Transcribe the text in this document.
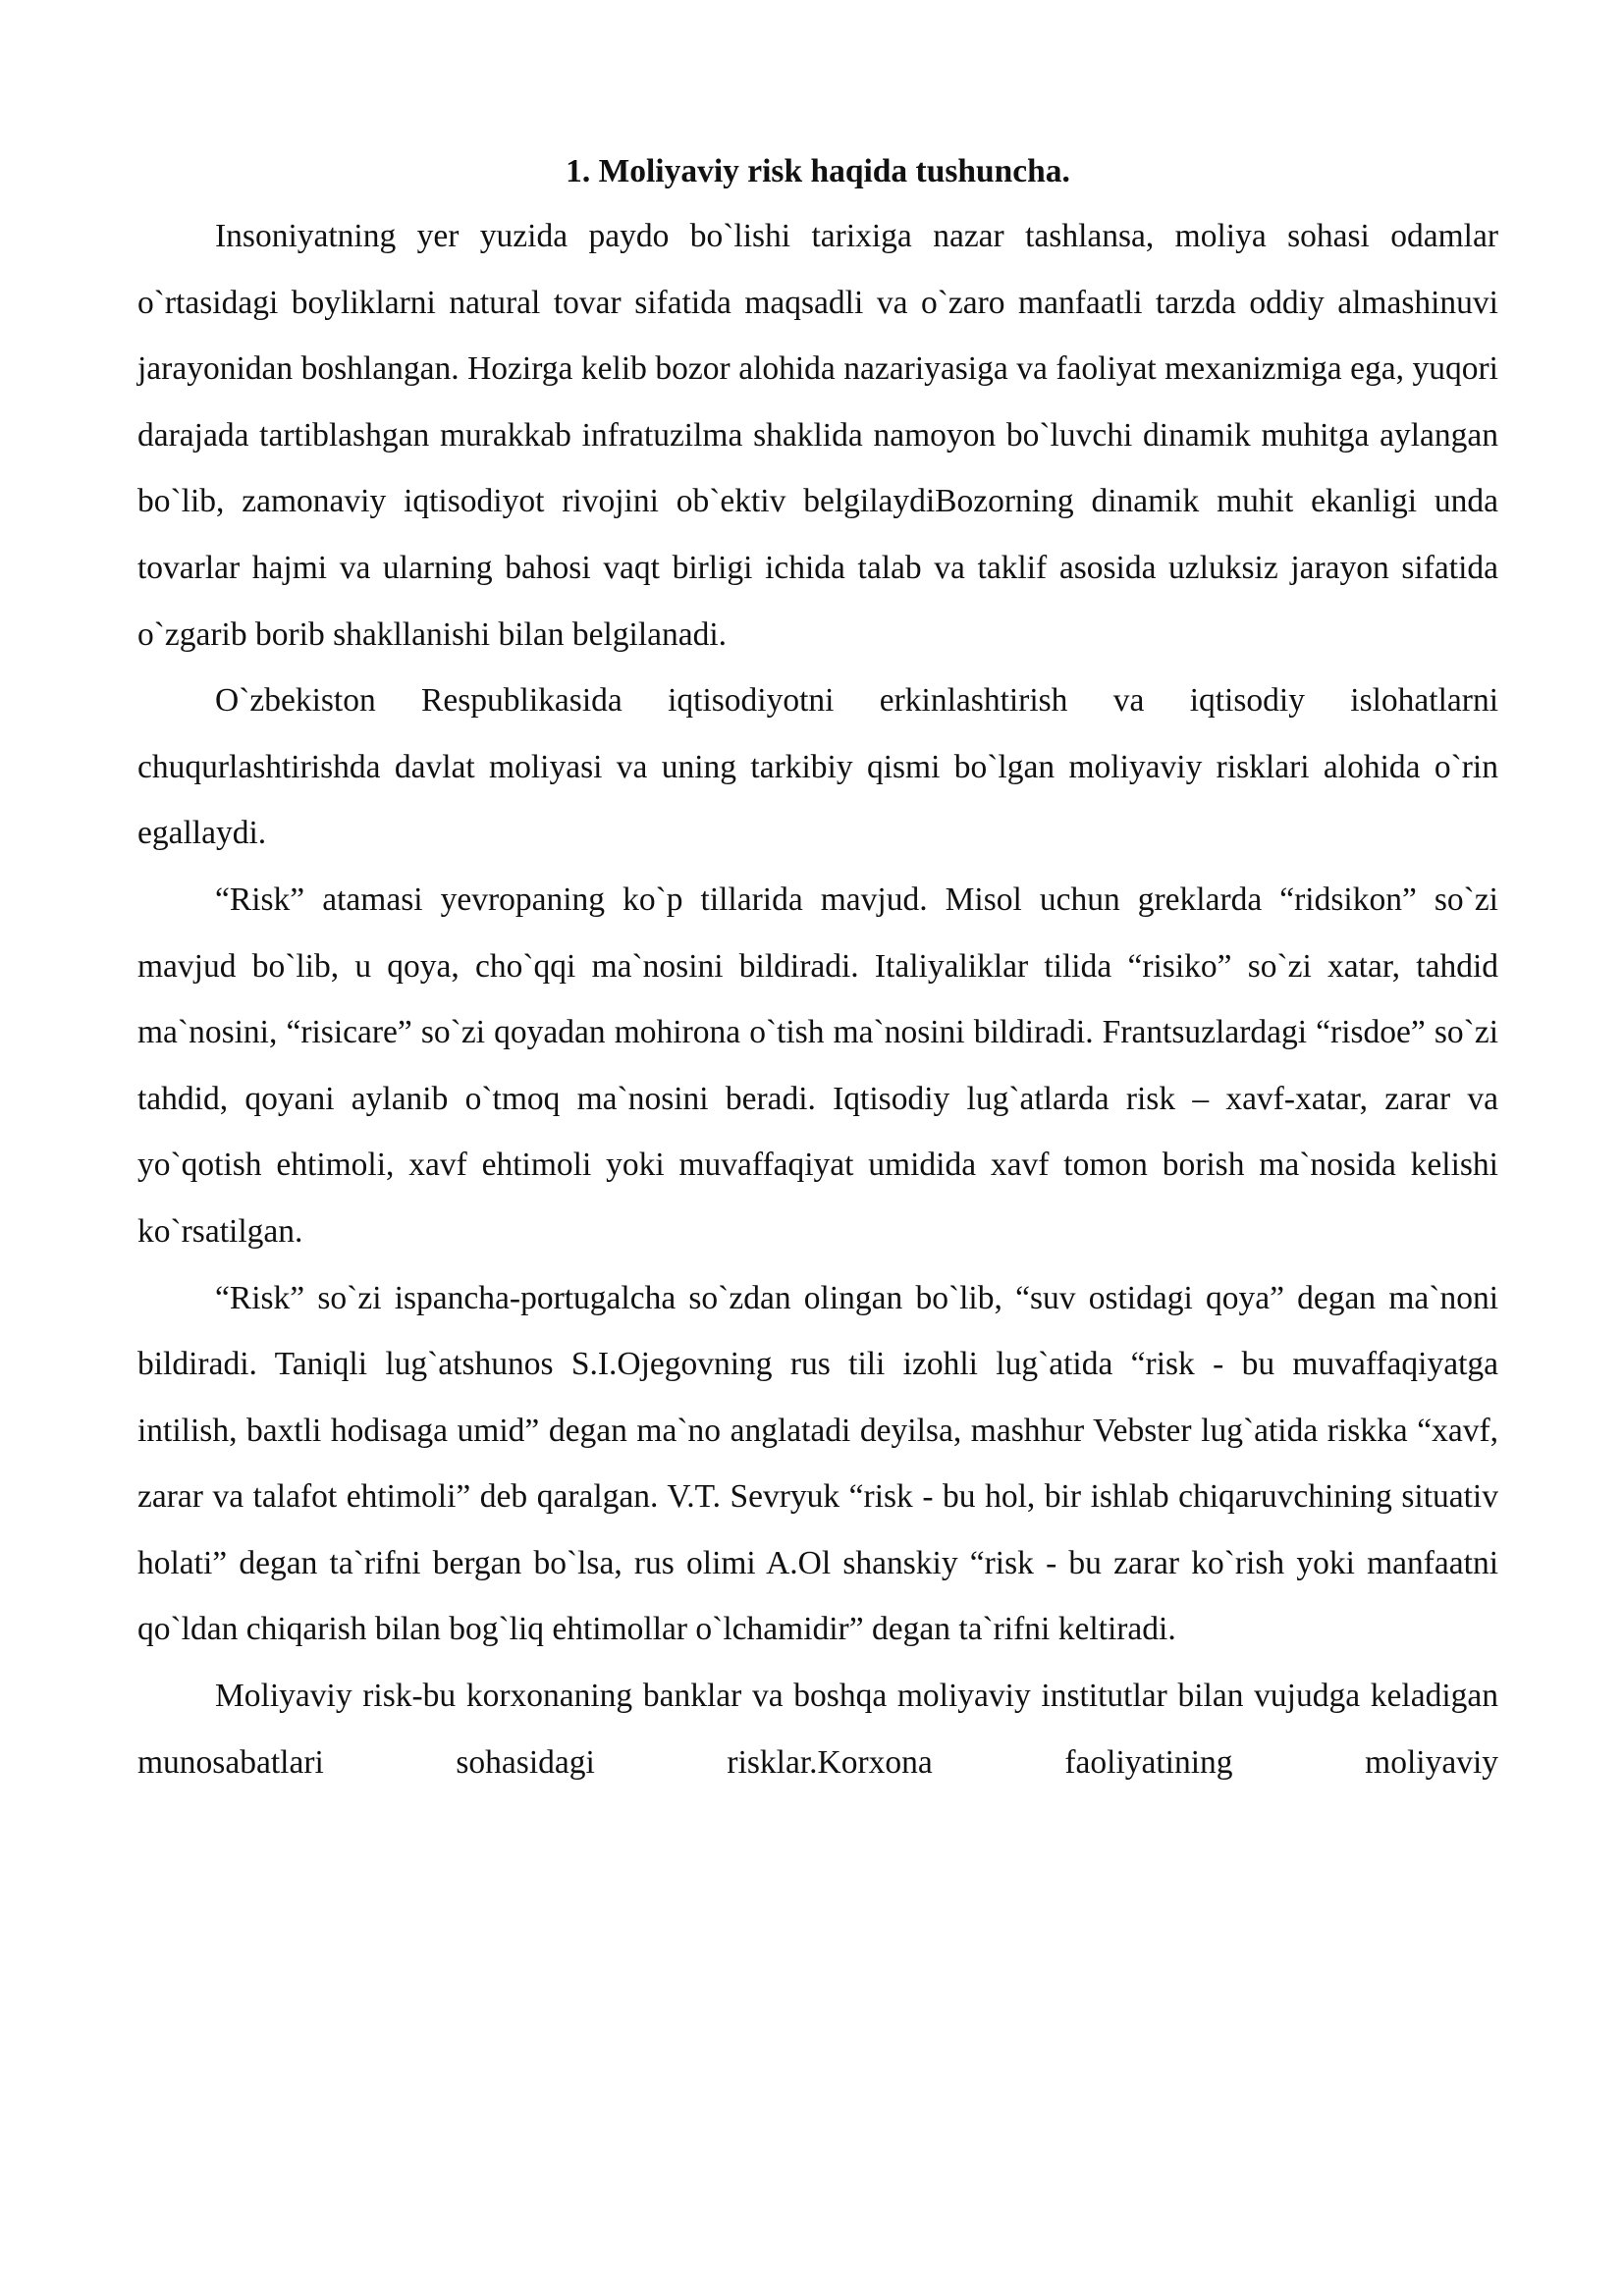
1. Moliyaviy risk haqida tushuncha.

Insoniyatning yer yuzida paydo bo`lishi tarixiga nazar tashlansa, moliya sohasi odamlar o`rtasidagi boyliklarni natural tovar sifatida maqsadli va o`zaro manfaatli tarzda oddiy almashinuvi jarayonidan boshlangan. Hozirga kelib bozor alohida nazariyasiga va faoliyat mexanizmiga ega, yuqori darajada tartiblashgan murakkab infratuzilma shaklida namoyon bo`luvchi dinamik muhitga aylangan bo`lib, zamonaviy iqtisodiyot rivojini ob`ektiv belgilaydiBozorning dinamik muhit ekanligi unda tovarlar hajmi va ularning bahosi vaqt birligi ichida talab va taklif asosida uzluksiz jarayon sifatida o`zgarib borib shakllanishi bilan belgilanadi.

O`zbekiston Respublikasida iqtisodiyotni erkinlashtirish va iqtisodiy islohatlarni chuqurlashtirishda davlat moliyasi va uning tarkibiy qismi bo`lgan moliyaviy risklari alohida o`rin egallaydi.

“Risk” atamasi yevropaning ko`p tillarida mavjud. Misol uchun greklarda “ridsikon” so`zi mavjud bo`lib, u qoya, cho`qqi ma`nosini bildiradi. Italiyaliklar tilida “risiko” so`zi xatar, tahdid ma`nosini, “risicare” so`zi qoyadan mohirona o`tish ma`nosini bildiradi. Frantsuzlardagi “risdoe” so`zi tahdid, qoyani aylanib o`tmoq ma`nosini beradi. Iqtisodiy lug`atlarda risk – xavf-xatar, zarar va yo`qotish ehtimoli, xavf ehtimoli yoki muvaffaqiyat umidida xavf tomon borish ma`nosida kelishi ko`rsatilgan.

“Risk” so`zi ispancha-portugalcha so`zdan olingan bo`lib, “suv ostidagi qoya” degan ma`noni bildiradi. Taniqli lug`atshunos S.I.Ojegovning rus tili izohli lug`atida “risk - bu muvaffaqiyatga intilish, baxtli hodisaga umid” degan ma`no anglatadi deyilsa, mashhur Vebster lug`atida riskka “xavf, zarar va talafot ehtimoli” deb qaralgan. V.T. Sevryuk “risk - bu hol, bir ishlab chiqaruvchining situativ holati” degan ta`rifni bergan bo`lsa, rus olimi A.Ol shanskiy “risk - bu zarar ko`rish yoki manfaatni qo`ldan chiqarish bilan bog`liq ehtimollar o`lchamidir” degan ta`rifni keltiradi.

Moliyaviy risk-bu korxonaning banklar va boshqa moliyaviy institutlar bilan vujudga keladigan munosabatlari sohasidagi risklar.Korxona faoliyatining moliyaviy
